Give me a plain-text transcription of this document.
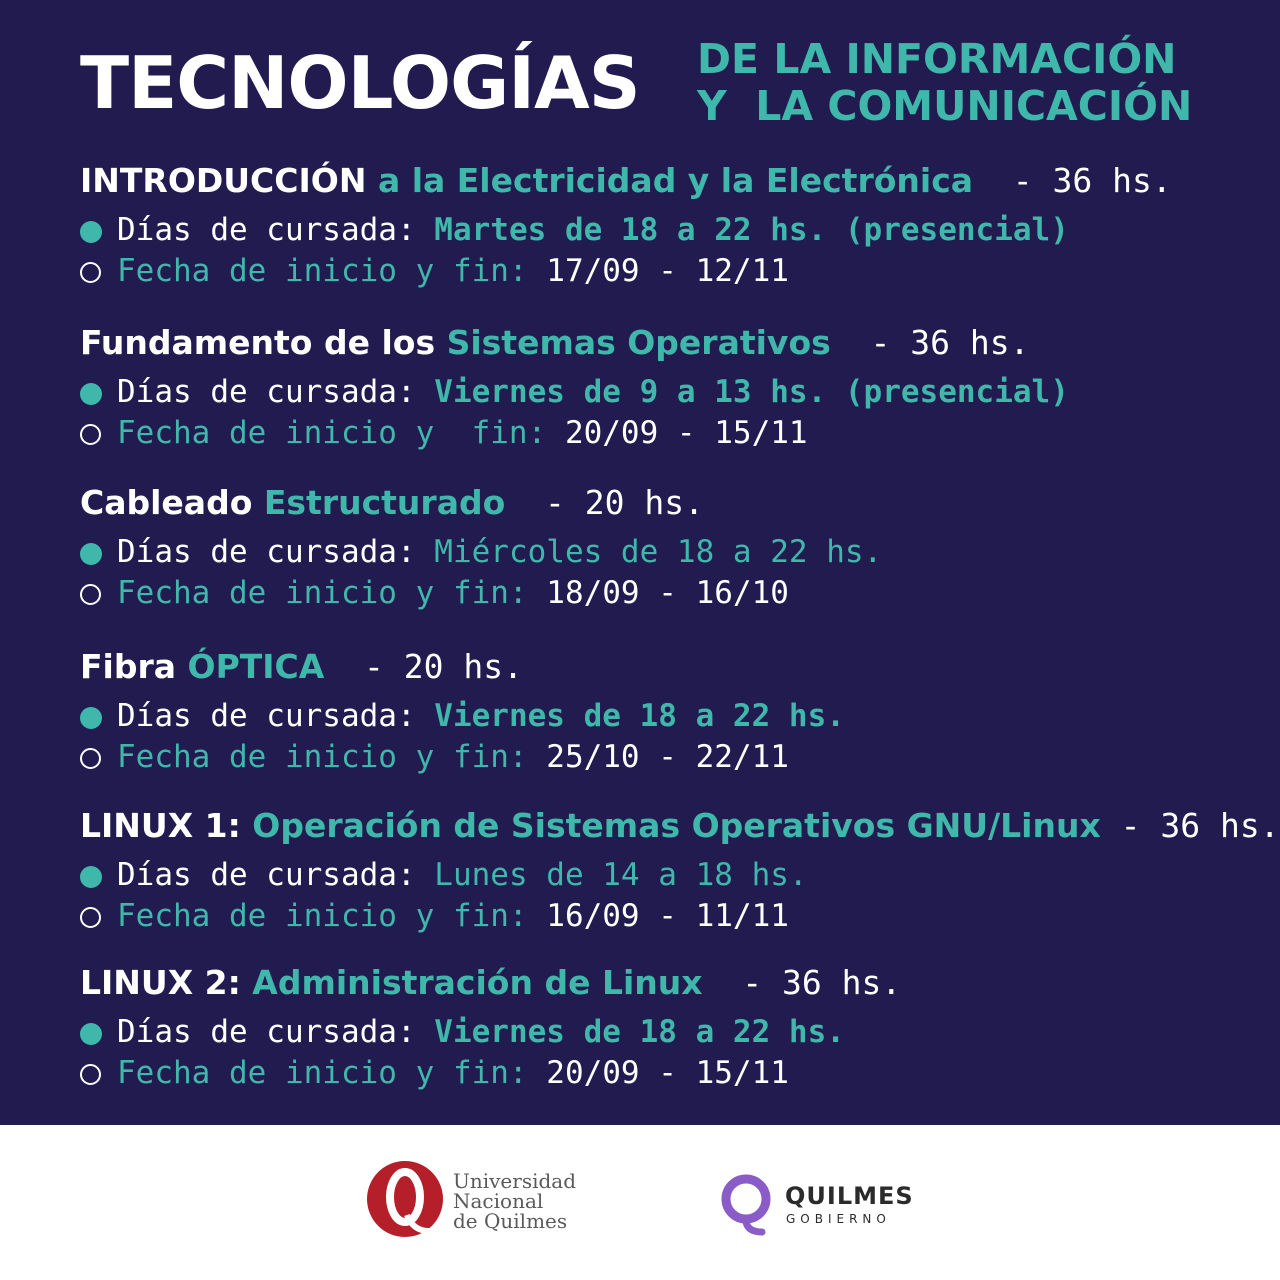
TECNOLOGÍAS DE LA INFORMACIÓN
Y  LA COMUNICACIÓN
INTRODUCCIÓN a la Electricidad y la Electrónica  - 36 hs.
Días de cursada: Martes de 18 a 22 hs. (presencial)
Fecha de inicio y fin: 17/09 - 12/11
Fundamento de los Sistemas Operativos  - 36 hs.
Días de cursada: Viernes de 9 a 13 hs. (presencial)
Fecha de inicio y  fin: 20/09 - 15/11
Cableado Estructurado  - 20 hs.
Días de cursada: Miércoles de 18 a 22 hs.
Fecha de inicio y fin: 18/09 - 16/10
Fibra ÓPTICA  - 20 hs.
Días de cursada: Viernes de 18 a 22 hs.
Fecha de inicio y fin: 25/10 - 22/11
LINUX 1: Operación de Sistemas Operativos GNU/Linux - 36 hs.
Días de cursada: Lunes de 14 a 18 hs.
Fecha de inicio y fin: 16/09 - 11/11
LINUX 2: Administración de Linux  - 36 hs.
Días de cursada: Viernes de 18 a 22 hs.
Fecha de inicio y fin: 20/09 - 15/11
Universidad
Nacional
de Quilmes
QUILMES
GOBIERNO
